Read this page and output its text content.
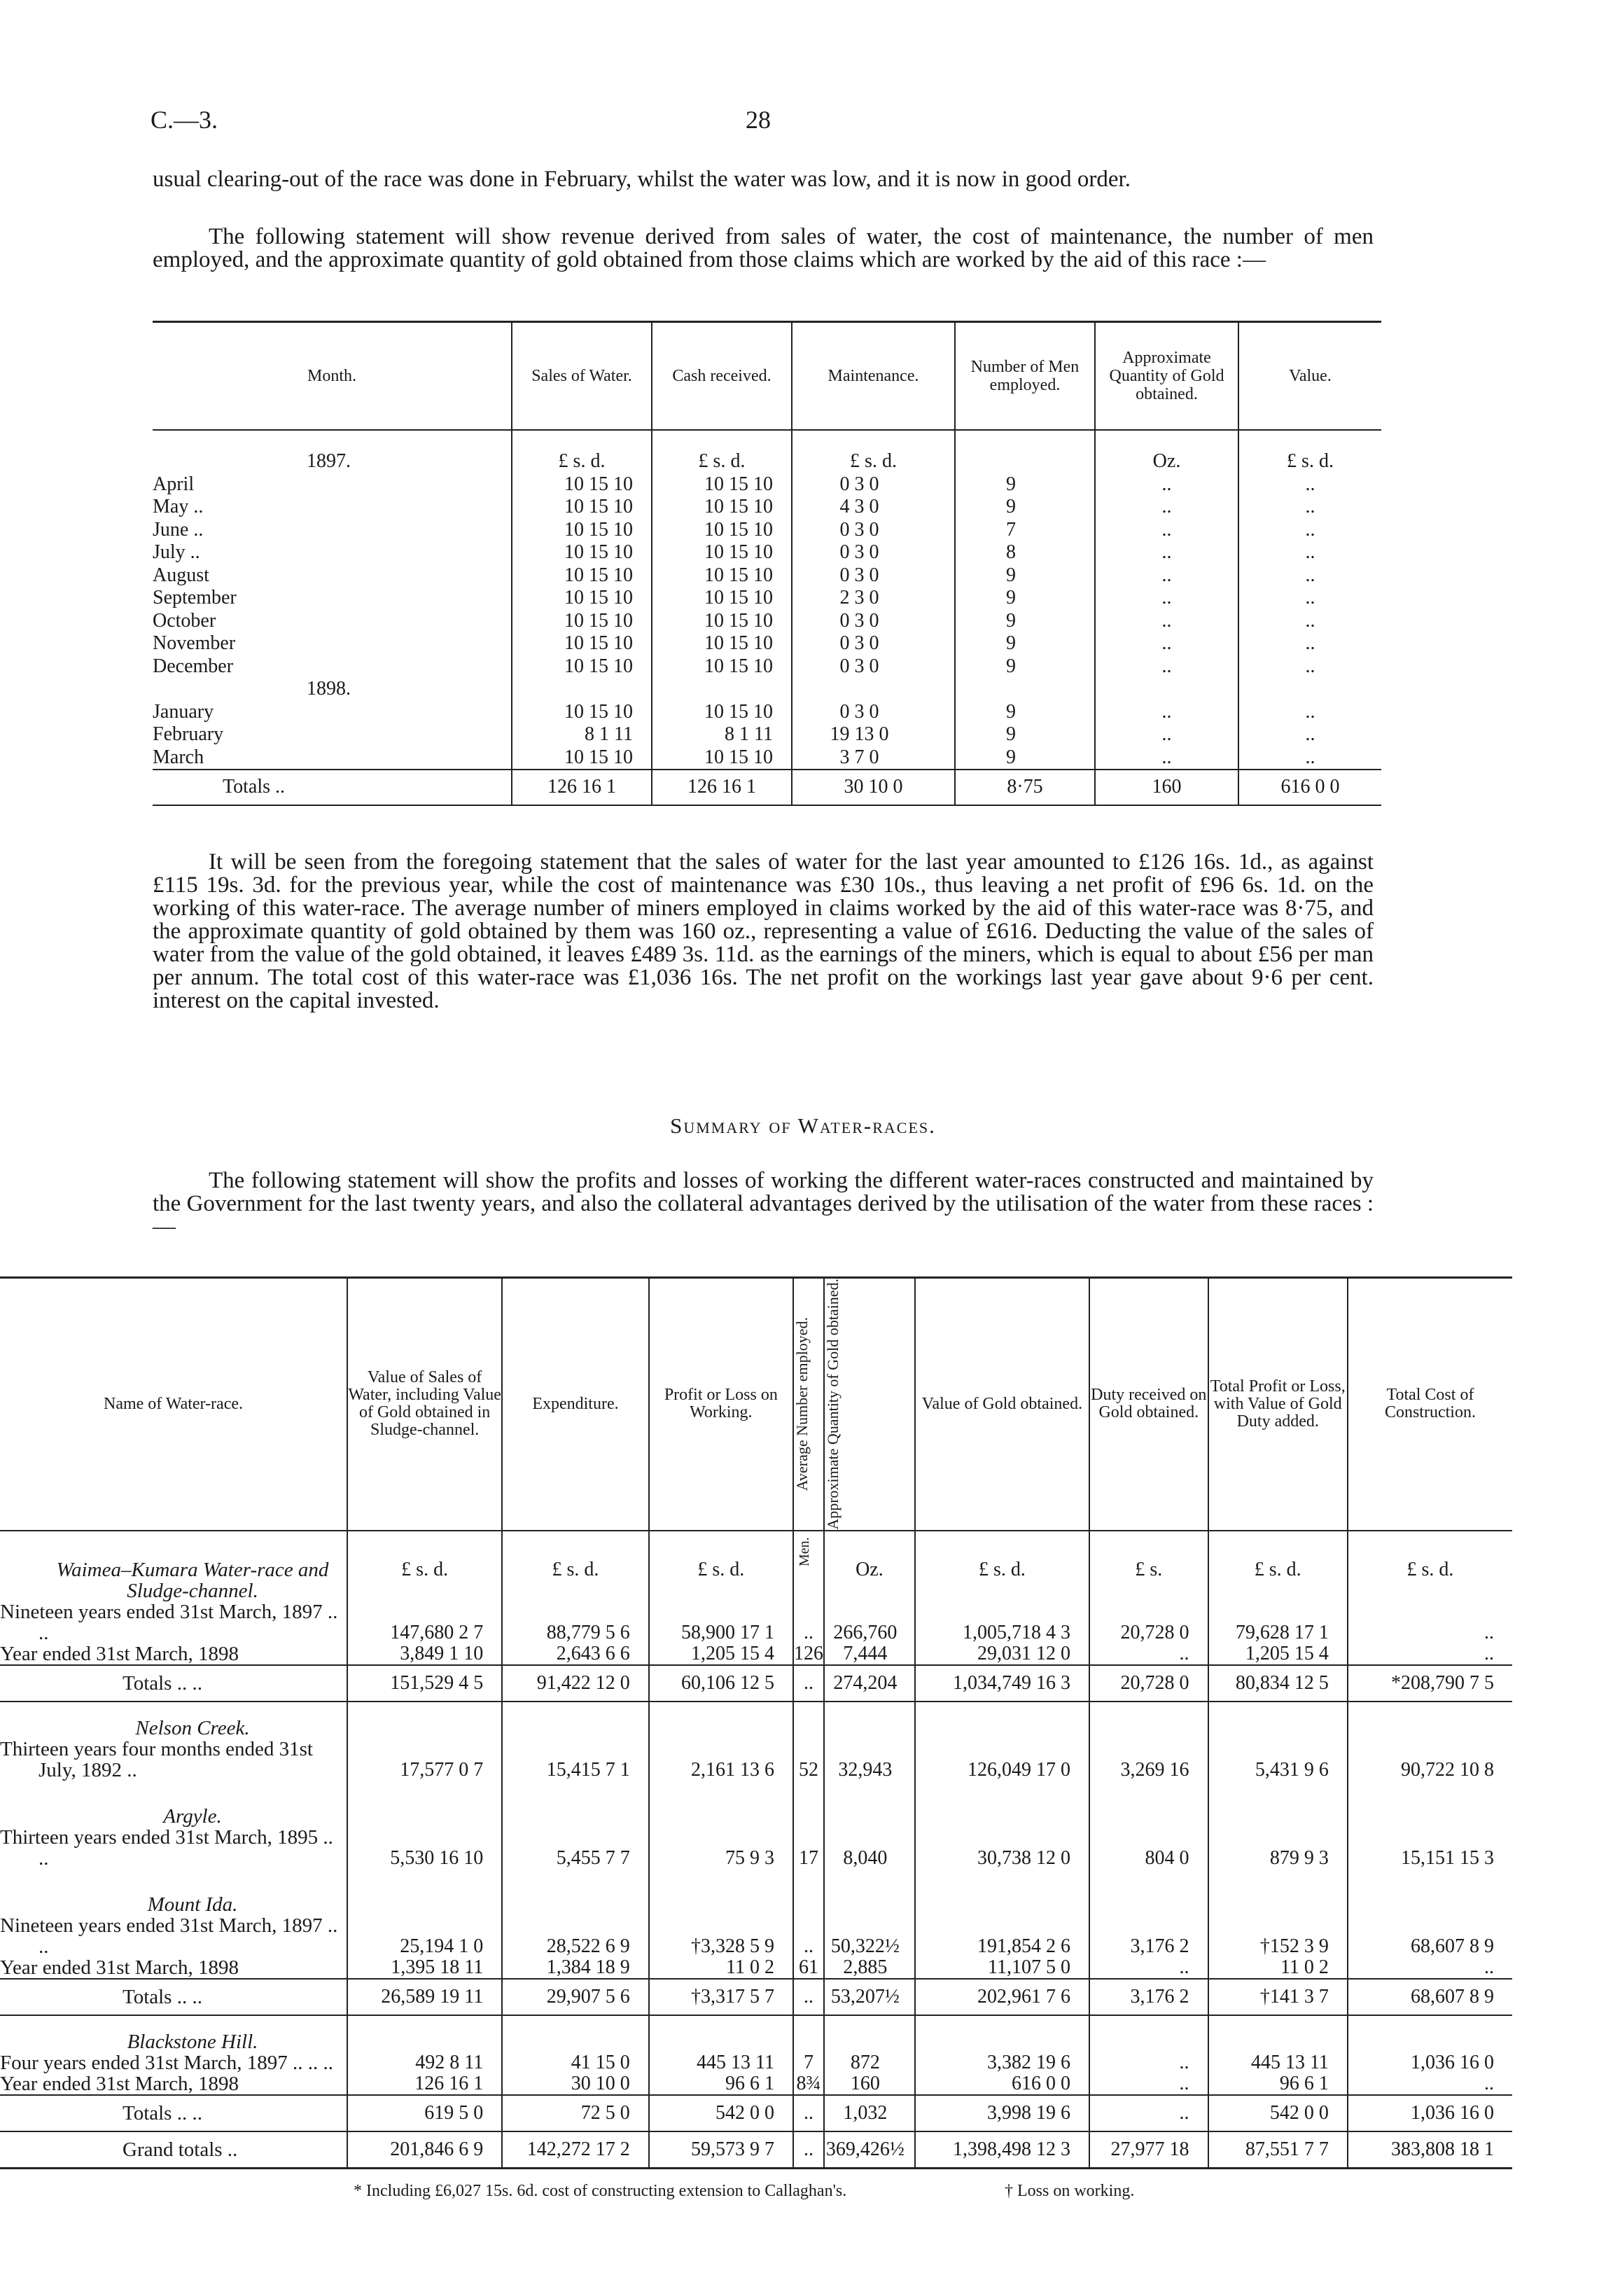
C.—3.	28

usual clearing-out of the race was done in February, whilst the water was low, and it is now in good order.

The following statement will show revenue derived from sales of water, the cost of maintenance, the number of men employed, and the approximate quantity of gold obtained from those claims which are worked by the aid of this race :—

Month.	Sales of Water.	Cash received.	Maintenance.	Number of Men employed.	Approximate Quantity of Gold obtained.	Value.
1897.	£ s. d.	£ s. d.	£ s. d.		Oz.	£ s. d.
April	10 15 10	10 15 10	0 3 0	9	..	..
May ..	10 15 10	10 15 10	4 3 0	9	..	..
June ..	10 15 10	10 15 10	0 3 0	7	..	..
July ..	10 15 10	10 15 10	0 3 0	8	..	..
August	10 15 10	10 15 10	0 3 0	9	..	..
September	10 15 10	10 15 10	2 3 0	9	..	..
October	10 15 10	10 15 10	0 3 0	9	..	..
November	10 15 10	10 15 10	0 3 0	9	..	..
December	10 15 10	10 15 10	0 3 0	9	..	..
1898.						
January	10 15 10	10 15 10	0 3 0	9	..	..
February	8 1 11	8 1 11	19 13 0	9	..	..
March	10 15 10	10 15 10	3 7 0	9	..	..
Totals ..	126 16 1	126 16 1	30 10 0	8·75	160	616 0 0

It will be seen from the foregoing statement that the sales of water for the last year amounted to £126 16s. 1d., as against £115 19s. 3d. for the previous year, while the cost of maintenance was £30 10s., thus leaving a net profit of £96 6s. 1d. on the working of this water-race. The average number of miners employed in claims worked by the aid of this water-race was 8·75, and the approximate quantity of gold obtained by them was 160 oz., representing a value of £616. Deducting the value of the sales of water from the value of the gold obtained, it leaves £489 3s. 11d. as the earnings of the miners, which is equal to about £56 per man per annum. The total cost of this water-race was £1,036 16s. The net profit on the workings last year gave about 9·6 per cent. interest on the capital invested.

Summary of Water-races.

The following statement will show the profits and losses of working the different water-races constructed and maintained by the Government for the last twenty years, and also the collateral advantages derived by the utilisation of the water from these races :—

Name of Water-race.	Value of Sales of Water, including Value of Gold obtained in Sludge-channel.	Expenditure.	Profit or Loss on Working.	Average Number employed.	Approximate Quantity of Gold obtained.	Value of Gold obtained.	Duty received on Gold obtained.	Total Profit or Loss, with Value of Gold Duty added.	Total Cost of Construction.

Waimea–Kumara Water-race and Sludge-channel.	£ s. d.	£ s. d.	£ s. d.	Men.	Oz.	£ s. d.	£ s.	£ s. d.	£ s. d.
Nineteen years ended 31st March, 1897 .. ..	147,680 2 7	88,779 5 6	58,900 17 1	..	266,760	1,005,718 4 3	20,728 0	79,628 17 1	..
Year ended 31st March, 1898	3,849 1 10	2,643 6 6	1,205 15 4	126	7,444	29,031 12 0	..	1,205 15 4	..
Totals .. ..	151,529 4 5	91,422 12 0	60,106 12 5	..	274,204	1,034,749 16 3	20,728 0	80,834 12 5	*208,790 7 5

Nelson Creek.									

Thirteen years four months ended 31st July, 1892 ..	17,577 0 7	15,415 7 1	2,161 13 6	52	32,943	126,049 17 0	3,269 16	5,431 9 6	90,722 10 8

Argyle.									

Thirteen years ended 31st March, 1895 .. ..	5,530 16 10	5,455 7 7	75 9 3	17	8,040	30,738 12 0	804 0	879 9 3	15,151 15 3

Mount Ida.									

Nineteen years ended 31st March, 1897 .. ..	25,194 1 0	28,522 6 9	†3,328 5 9	..	50,322½	191,854 2 6	3,176 2	†152 3 9	68,607 8 9
Year ended 31st March, 1898	1,395 18 11	1,384 18 9	11 0 2	61	2,885	11,107 5 0	..	11 0 2	..
Totals .. ..	26,589 19 11	29,907 5 6	†3,317 5 7	..	53,207½	202,961 7 6	3,176 2	†141 3 7	68,607 8 9

Blackstone Hill.									

Four years ended 31st March, 1897 .. .. ..	492 8 11	41 15 0	445 13 11	7	872	3,382 19 6	..	445 13 11	1,036 16 0
Year ended 31st March, 1898	126 16 1	30 10 0	96 6 1	8¾	160	616 0 0	..	96 6 1	..
Totals .. ..	619 5 0	72 5 0	542 0 0	..	1,032	3,998 19 6	..	542 0 0	1,036 16 0
Grand totals ..	201,846 6 9	142,272 17 2	59,573 9 7	..	369,426½	1,398,498 12 3	27,977 18	87,551 7 7	383,808 18 1
* Including £6,027 15s. 6d. cost of constructing extension to Callaghan's.	† Loss on working.
